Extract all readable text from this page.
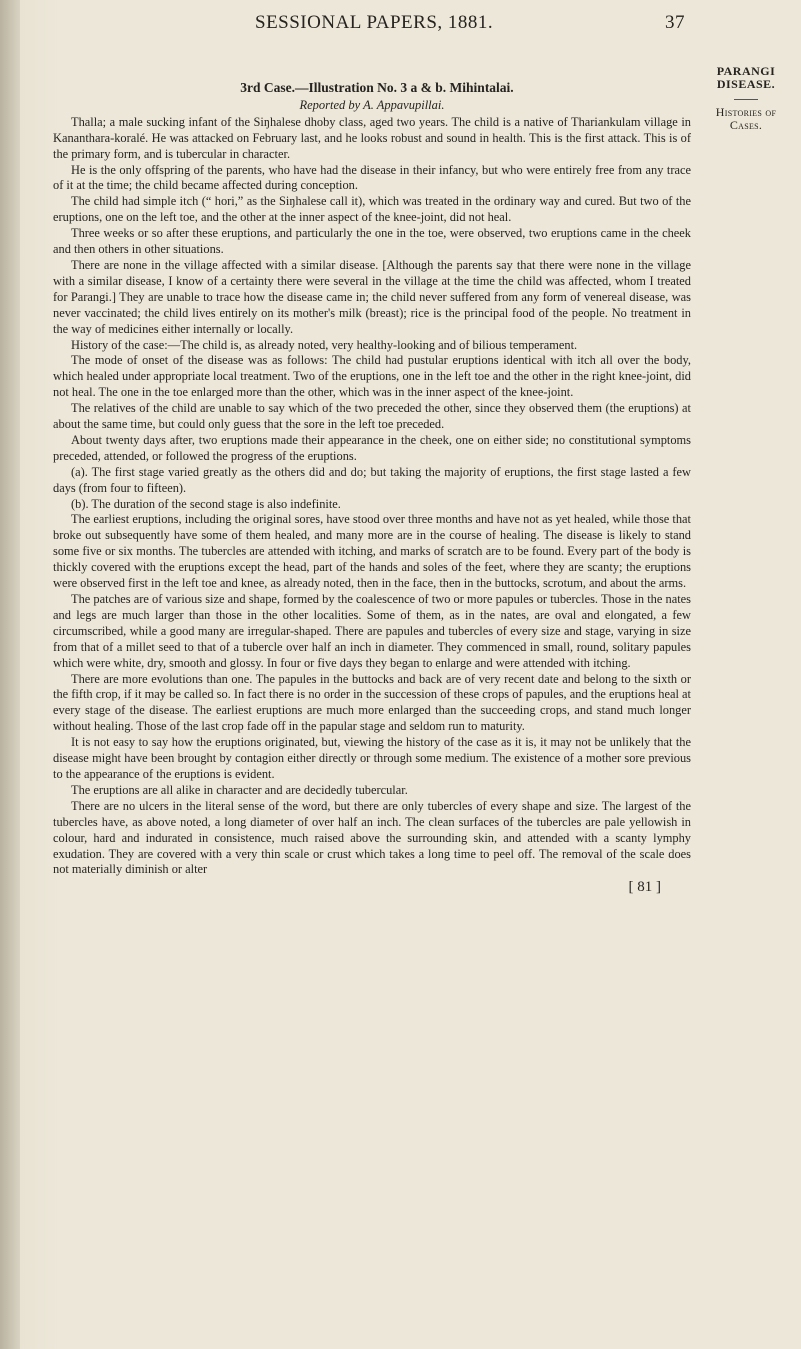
SESSIONAL PAPERS, 1881.	37
PARANGI
DISEASE.
Histories of
Cases.
3rd Case.—Illustration No. 3 a & b. Mihintalai.
Reported by A. Appavupillai.

Thalla; a male sucking infant of the Siŋhalese dhoby class, aged two years. The child is a native of Thariankulam village in Kananthara-koralé. He was attacked on February last, and he looks robust and sound in health. This is the first attack. This is of the primary form, and is tubercular in character.

He is the only offspring of the parents, who have had the disease in their infancy, but who were entirely free from any trace of it at the time; the child became affected during conception.

The child had simple itch (“ hori,” as the Siŋhalese call it), which was treated in the ordinary way and cured. But two of the eruptions, one on the left toe, and the other at the inner aspect of the knee-joint, did not heal.

Three weeks or so after these eruptions, and particularly the one in the toe, were observed, two eruptions came in the cheek and then others in other situations.

There are none in the village affected with a similar disease. [Although the parents say that there were none in the village with a similar disease, I know of a certainty there were several in the village at the time the child was affected, whom I treated for Parangi.] They are unable to trace how the disease came in; the child never suffered from any form of venereal disease, was never vaccinated; the child lives entirely on its mother's milk (breast); rice is the principal food of the people. No treatment in the way of medicines either internally or locally.

History of the case:—The child is, as already noted, very healthy-looking and of bilious temperament.

The mode of onset of the disease was as follows: The child had pustular eruptions identical with itch all over the body, which healed under appropriate local treatment. Two of the eruptions, one in the left toe and the other in the right knee-joint, did not heal. The one in the toe enlarged more than the other, which was in the inner aspect of the knee-joint.

The relatives of the child are unable to say which of the two preceded the other, since they observed them (the eruptions) at about the same time, but could only guess that the sore in the left toe preceded.

About twenty days after, two eruptions made their appearance in the cheek, one on either side; no constitutional symptoms preceded, attended, or followed the progress of the eruptions.

(a). The first stage varied greatly as the others did and do; but taking the majority of eruptions, the first stage lasted a few days (from four to fifteen).

(b). The duration of the second stage is also indefinite.

The earliest eruptions, including the original sores, have stood over three months and have not as yet healed, while those that broke out subsequently have some of them healed, and many more are in the course of healing. The disease is likely to stand some five or six months. The tubercles are attended with itching, and marks of scratch are to be found. Every part of the body is thickly covered with the eruptions except the head, part of the hands and soles of the feet, where they are scanty; the eruptions were observed first in the left toe and knee, as already noted, then in the face, then in the buttocks, scrotum, and about the arms.

The patches are of various size and shape, formed by the coalescence of two or more papules or tubercles. Those in the nates and legs are much larger than those in the other localities. Some of them, as in the nates, are oval and elongated, a few circumscribed, while a good many are irregular-shaped. There are papules and tubercles of every size and stage, varying in size from that of a millet seed to that of a tubercle over half an inch in diameter. They commenced in small, round, solitary papules which were white, dry, smooth and glossy. In four or five days they began to enlarge and were attended with itching.

There are more evolutions than one. The papules in the buttocks and back are of very recent date and belong to the sixth or the fifth crop, if it may be called so. In fact there is no order in the succession of these crops of papules, and the eruptions heal at every stage of the disease. The earliest eruptions are much more enlarged than the succeeding crops, and stand much longer without healing. Those of the last crop fade off in the papular stage and seldom run to maturity.

It is not easy to say how the eruptions originated, but, viewing the history of the case as it is, it may not be unlikely that the disease might have been brought by contagion either directly or through some medium. The existence of a mother sore previous to the appearance of the eruptions is evident.

The eruptions are all alike in character and are decidedly tubercular.

There are no ulcers in the literal sense of the word, but there are only tubercles of every shape and size. The largest of the tubercles have, as above noted, a long diameter of over half an inch. The clean surfaces of the tubercles are pale yellowish in colour, hard and indurated in consistence, much raised above the surrounding skin, and attended with a scanty lymphy exudation. They are covered with a very thin scale or crust which takes a long time to peel off. The removal of the scale does not materially diminish or alter

[ 81 ]
